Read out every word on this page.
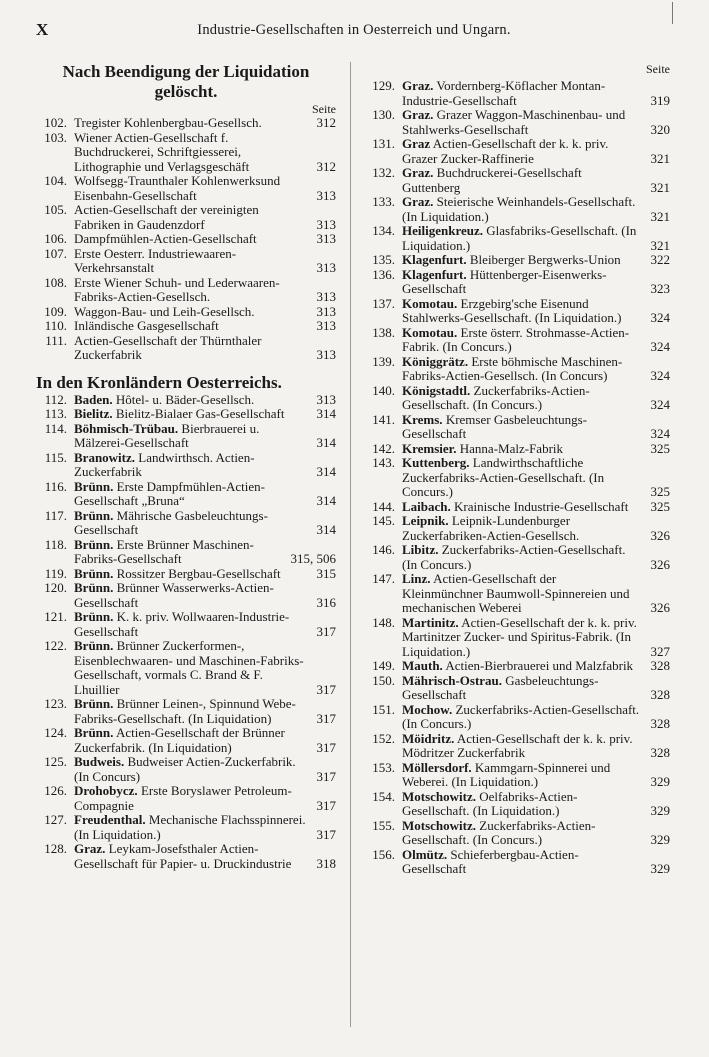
X	Industrie-Gesellschaften in Oesterreich und Ungarn.
Nach Beendigung der Liquidation gelöscht.
Seite
102. Tregister Kohlenbergbau-Gesellsch.	312
103. Wiener Actien-Gesellschaft f. Buchdruckerei, Schriftgiesserei, Lithographie und Verlagsgeschäft	312
104. Wolfsegg-Traunthaler Kohlenwerksund Eisenbahn-Gesellschaft	313
105. Actien-Gesellschaft der vereinigten Fabriken in Gaudenzdorf	313
106. Dampfmühlen-Actien-Gesellschaft	313
107. Erste Oesterr. Industriewaaren-Verkehrsanstalt	313
108. Erste Wiener Schuh- und Lederwaaren-Fabriks-Actien-Gesellsch.	313
109. Waggon-Bau- und Leih-Gesellsch.	313
110. Inländische Gasgesellschaft	313
111. Actien-Gesellschaft der Thürnthaler Zuckerfabrik	313
In den Kronländern Oesterreichs.
112. Baden. Hôtel- u. Bäder-Gesellsch.	313
113. Bielitz. Bielitz-Bialaer Gas-Gesellschaft	314
114. Böhmisch-Trübau. Bierbrauerei u. Mälzerei-Gesellschaft	314
115. Branowitz. Landwirthsch. Actien-Zuckerfabrik	314
116. Brünn. Erste Dampfmühlen-Actien-Gesellschaft „Bruna“	314
117. Brünn. Mährische Gasbeleuchtungs-Gesellschaft	314
118. Brünn. Erste Brünner Maschinen-Fabriks-Gesellschaft	315, 506
119. Brünn. Rossitzer Bergbau-Gesellschaft	315
120. Brünn. Brünner Wasserwerks-Actien-Gesellschaft	316
121. Brünn. K. k. priv. Wollwaaren-Industrie-Gesellschaft	317
122. Brünn. Brünner Zuckerformen-, Eisenblechwaaren- und Maschinen-Fabriks-Gesellschaft, vormals C. Brand & F. Lhuillier	317
123. Brünn. Brünner Leinen-, Spinnund Webe-Fabriks-Gesellschaft. (In Liquidation)	317
124. Brünn. Actien-Gesellschaft der Brünner Zuckerfabrik. (In Liquidation)	317
125. Budweis. Budweiser Actien-Zuckerfabrik. (In Concurs)	317
126. Drohobycz. Erste Boryslawer Petroleum-Compagnie	317
127. Freudenthal. Mechanische Flachsspinnerei. (In Liquidation.)	317
128. Graz. Leykam-Josefsthaler Actien-Gesellschaft für Papier- u. Druckindustrie	318
Seite
129. Graz. Vordernberg-Köflacher Montan-Industrie-Gesellschaft	319
130. Graz. Grazer Waggon-Maschinenbau- und Stahlwerks-Gesellschaft	320
131. Graz Actien-Gesellschaft der k. k. priv. Grazer Zucker-Raffinerie	321
132. Graz. Buchdruckerei-Gesellschaft Guttenberg	321
133. Graz. Steierische Weinhandels-Gesellschaft. (In Liquidation.)	321
134. Heiligenkreuz. Glasfabriks-Gesellschaft. (In Liquidation.)	321
135. Klagenfurt. Bleiberger Bergwerks-Union	322
136. Klagenfurt. Hüttenberger-Eisenwerks-Gesellschaft	323
137. Komotau. Erzgebirg'sche Eisenund Stahlwerks-Gesellschaft. (In Liquidation.)	324
138. Komotau. Erste österr. Strohmasse-Actien-Fabrik. (In Concurs.)	324
139. Königgrätz. Erste böhmische Maschinen-Fabriks-Actien-Gesellsch. (In Concurs)	324
140. Königstadtl. Zuckerfabriks-Actien-Gesellschaft. (In Concurs.)	324
141. Krems. Kremser Gasbeleuchtungs-Gesellschaft	324
142. Kremsier. Hanna-Malz-Fabrik	325
143. Kuttenberg. Landwirthschaftliche Zuckerfabriks-Actien-Gesellschaft. (In Concurs.)	325
144. Laibach. Krainische Industrie-Gesellschaft	325
145. Leipnik. Leipnik-Lundenburger Zuckerfabriken-Actien-Gesellsch.	326
146. Libitz. Zuckerfabriks-Actien-Gesellschaft. (In Concurs.)	326
147. Linz. Actien-Gesellschaft der Kleinmünchner Baumwoll-Spinnereien und mechanischen Weberei	326
148. Martinitz. Actien-Gesellschaft der k. k. priv. Martinitzer Zucker- und Spiritus-Fabrik. (In Liquidation.)	327
149. Mauth. Actien-Bierbrauerei und Malzfabrik	328
150. Mährisch-Ostrau. Gasbeleuchtungs-Gesellschaft	328
151. Mochow. Zuckerfabriks-Actien-Gesellschaft. (In Concurs.)	328
152. Möidritz. Actien-Gesellschaft der k. k. priv. Mödritzer Zuckerfabrik	328
153. Möllersdorf. Kammgarn-Spinnerei und Weberei. (In Liquidation.)	329
154. Motschowitz. Oelfabriks-Actien-Gesellschaft. (In Liquidation.)	329
155. Motschowitz. Zuckerfabriks-Actien-Gesellschaft. (In Concurs.)	329
156. Olmütz. Schieferbergbau-Actien-Gesellschaft	329
